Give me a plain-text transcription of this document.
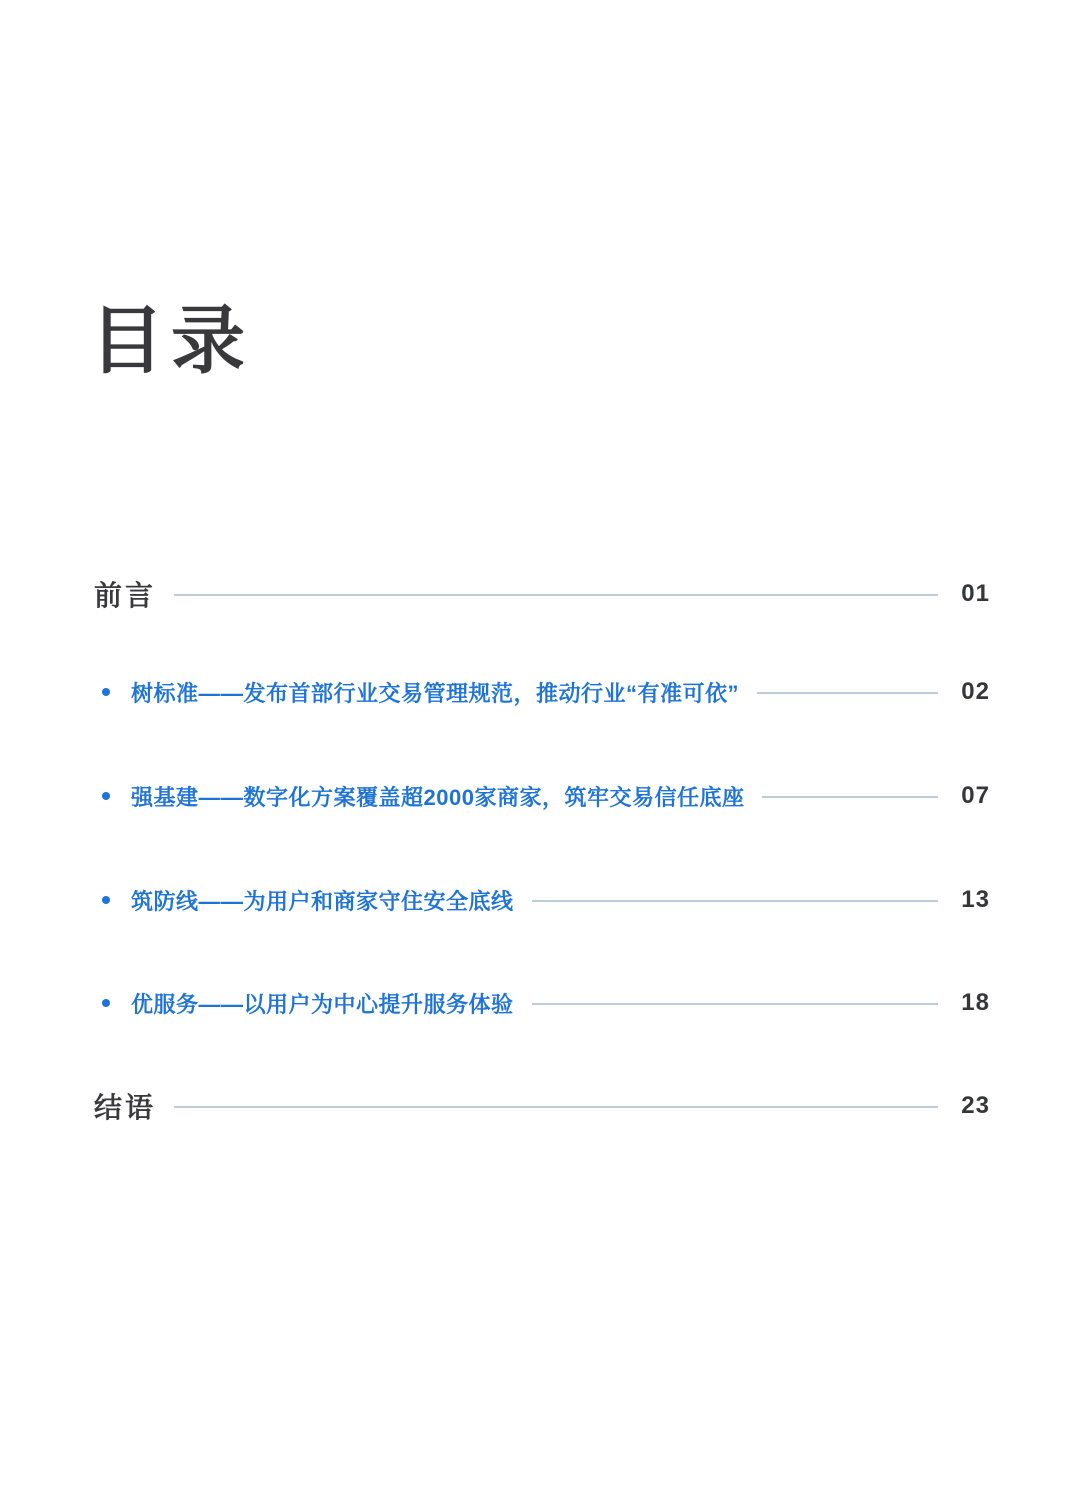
目录
前言	01
树标准——发布首部行业交易管理规范，推动行业“有准可依”	02
强基建——数字化方案覆盖超2000家商家，筑牢交易信任底座	07
筑防线——为用户和商家守住安全底线	13
优服务——以用户为中心提升服务体验	18
结语	23
